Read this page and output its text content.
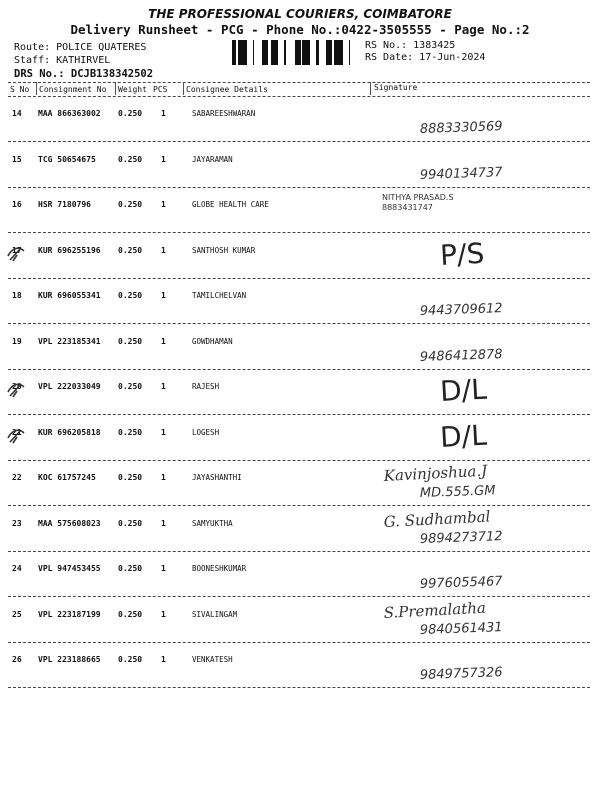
THE PROFESSIONAL COURIERS, COIMBATORE
Delivery Runsheet - PCG - Phone No.:0422-3505555 - Page No.:2
Route: POLICE QUATERES
Staff: KATHIRVEL
DRS No.: DCJB138342502
RS No.: 1383425
RS Date: 17-Jun-2024
S No Consignment No Weight PCS Consignee Details	Signature
14 MAA 866363002 0.250 1	SABAREESHWARAN
8883330569
15 TCG 50654675	0.250 1	JAYARAMAN
9940134737
16 HSR 7180796	0.250 1	GLOBE HEALTH CARE
NITHYA PRASAD.S
8883431747
17 KUR 696255196 0.250 1	SANTHOSH KUMAR	P/S
18 KUR 696055341 0.250 1	TAMILCHELVAN
9443709612
19 VPL 223185341 0.250 1	GOWDHAMAN
9486412878
20 VPL 222033049 0.250 1	RAJESH	D/L
21 KUR 696205818 0.250 1	LOGESH	D/L
22 KOC 61757245	0.250 1	JAYASHANTHI	Kavinjoshua.J
MD.555.GM
23 MAA 575608023 0.250 1	SAMYUKTHA	G. Sudhambal
9894273712
24 VPL 947453455 0.250 1	BOONESHKUMAR
9976055467
25 VPL 223187199 0.250 1	SIVALINGAM	S.Premalatha
9840561431
26 VPL 223188665 0.250 1	VENKATESH
9849757326
